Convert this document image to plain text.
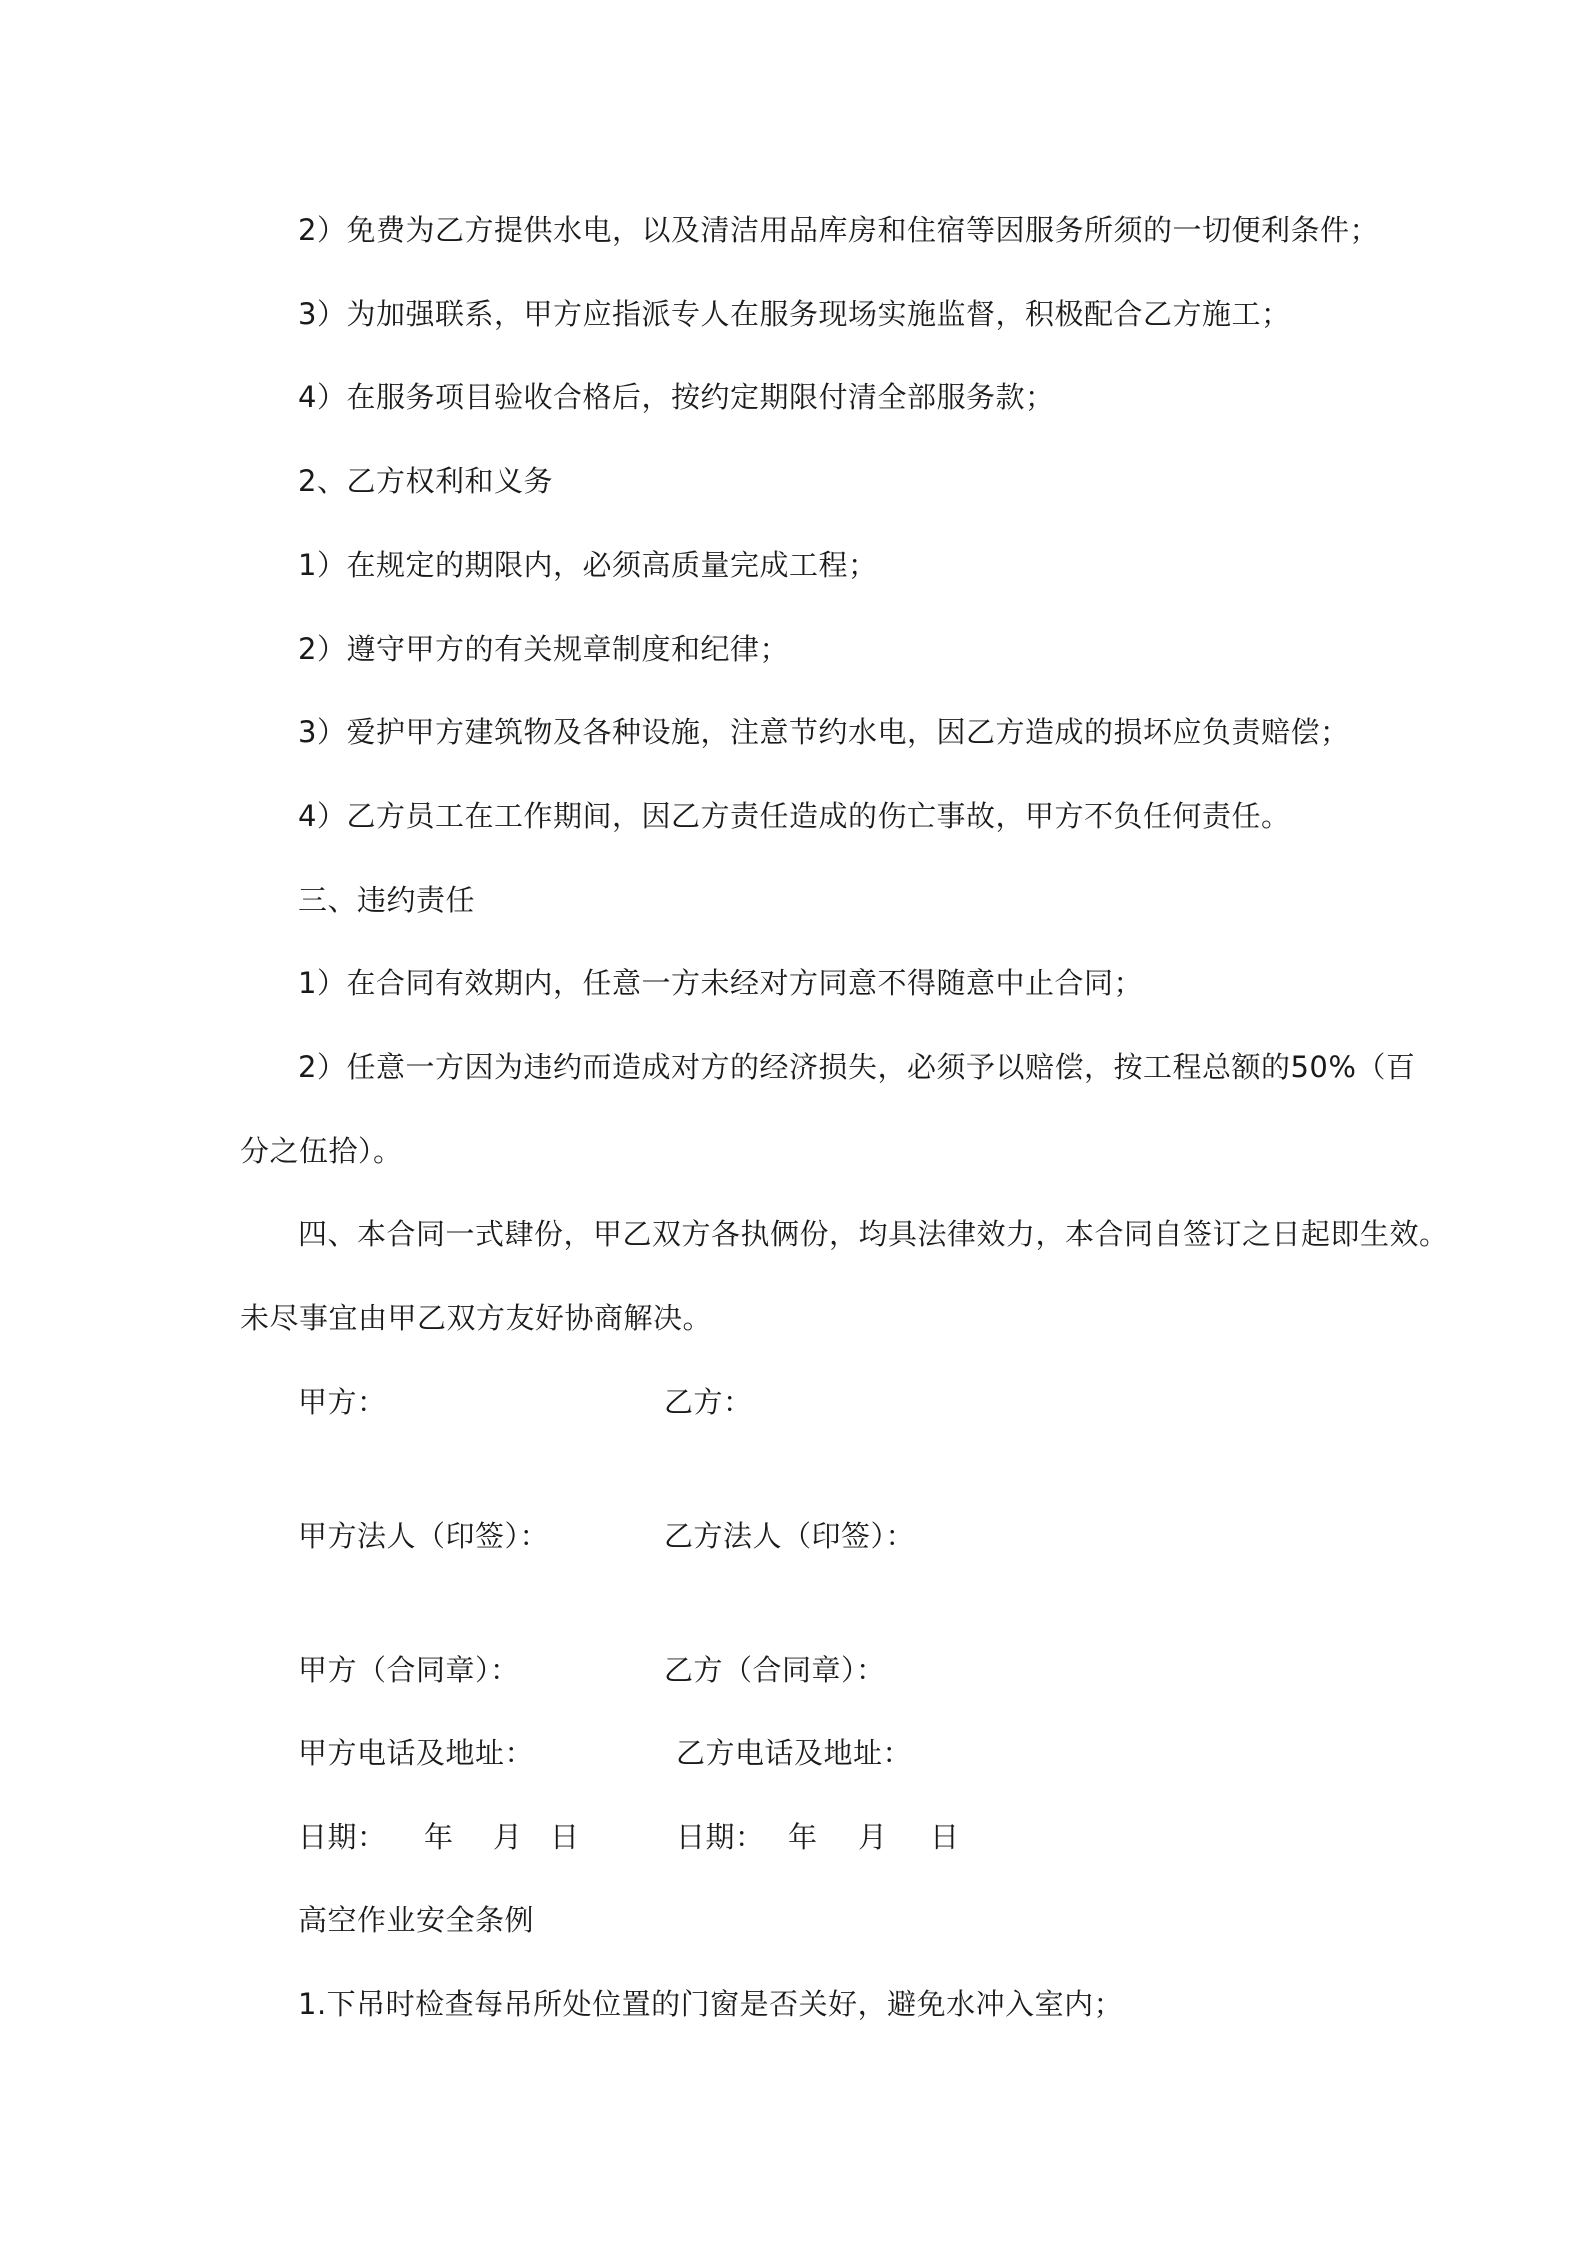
2）免费为乙方提供水电，以及清洁用品库房和住宿等因服务所须的一切便利条件；
3）为加强联系，甲方应指派专人在服务现场实施监督，积极配合乙方施工；
4）在服务项目验收合格后，按约定期限付清全部服务款；
2、乙方权利和义务
1）在规定的期限内，必须高质量完成工程；
2）遵守甲方的有关规章制度和纪律；
3）爱护甲方建筑物及各种设施，注意节约水电，因乙方造成的损坏应负责赔偿；
4）乙方员工在工作期间，因乙方责任造成的伤亡事故，甲方不负任何责任。
三、违约责任
1）在合同有效期内，任意一方未经对方同意不得随意中止合同；
2）任意一方因为违约而造成对方的经济损失，必须予以赔偿，按工程总额的50%（百
分之伍拾）。
四、本合同一式肆份，甲乙双方各执俩份，均具法律效力，本合同自签订之日起即生效。
未尽事宜由甲乙双方友好协商解决。
甲方：	乙方：
甲方法人（印签）：	乙方法人（印签）：
甲方（合同章）：	乙方（合同章）：
甲方电话及地址：	乙方电话及地址：
日期： 年 月 日	日期： 年 月 日
高空作业安全条例
1.下吊时检查每吊所处位置的门窗是否关好，避免水冲入室内；
